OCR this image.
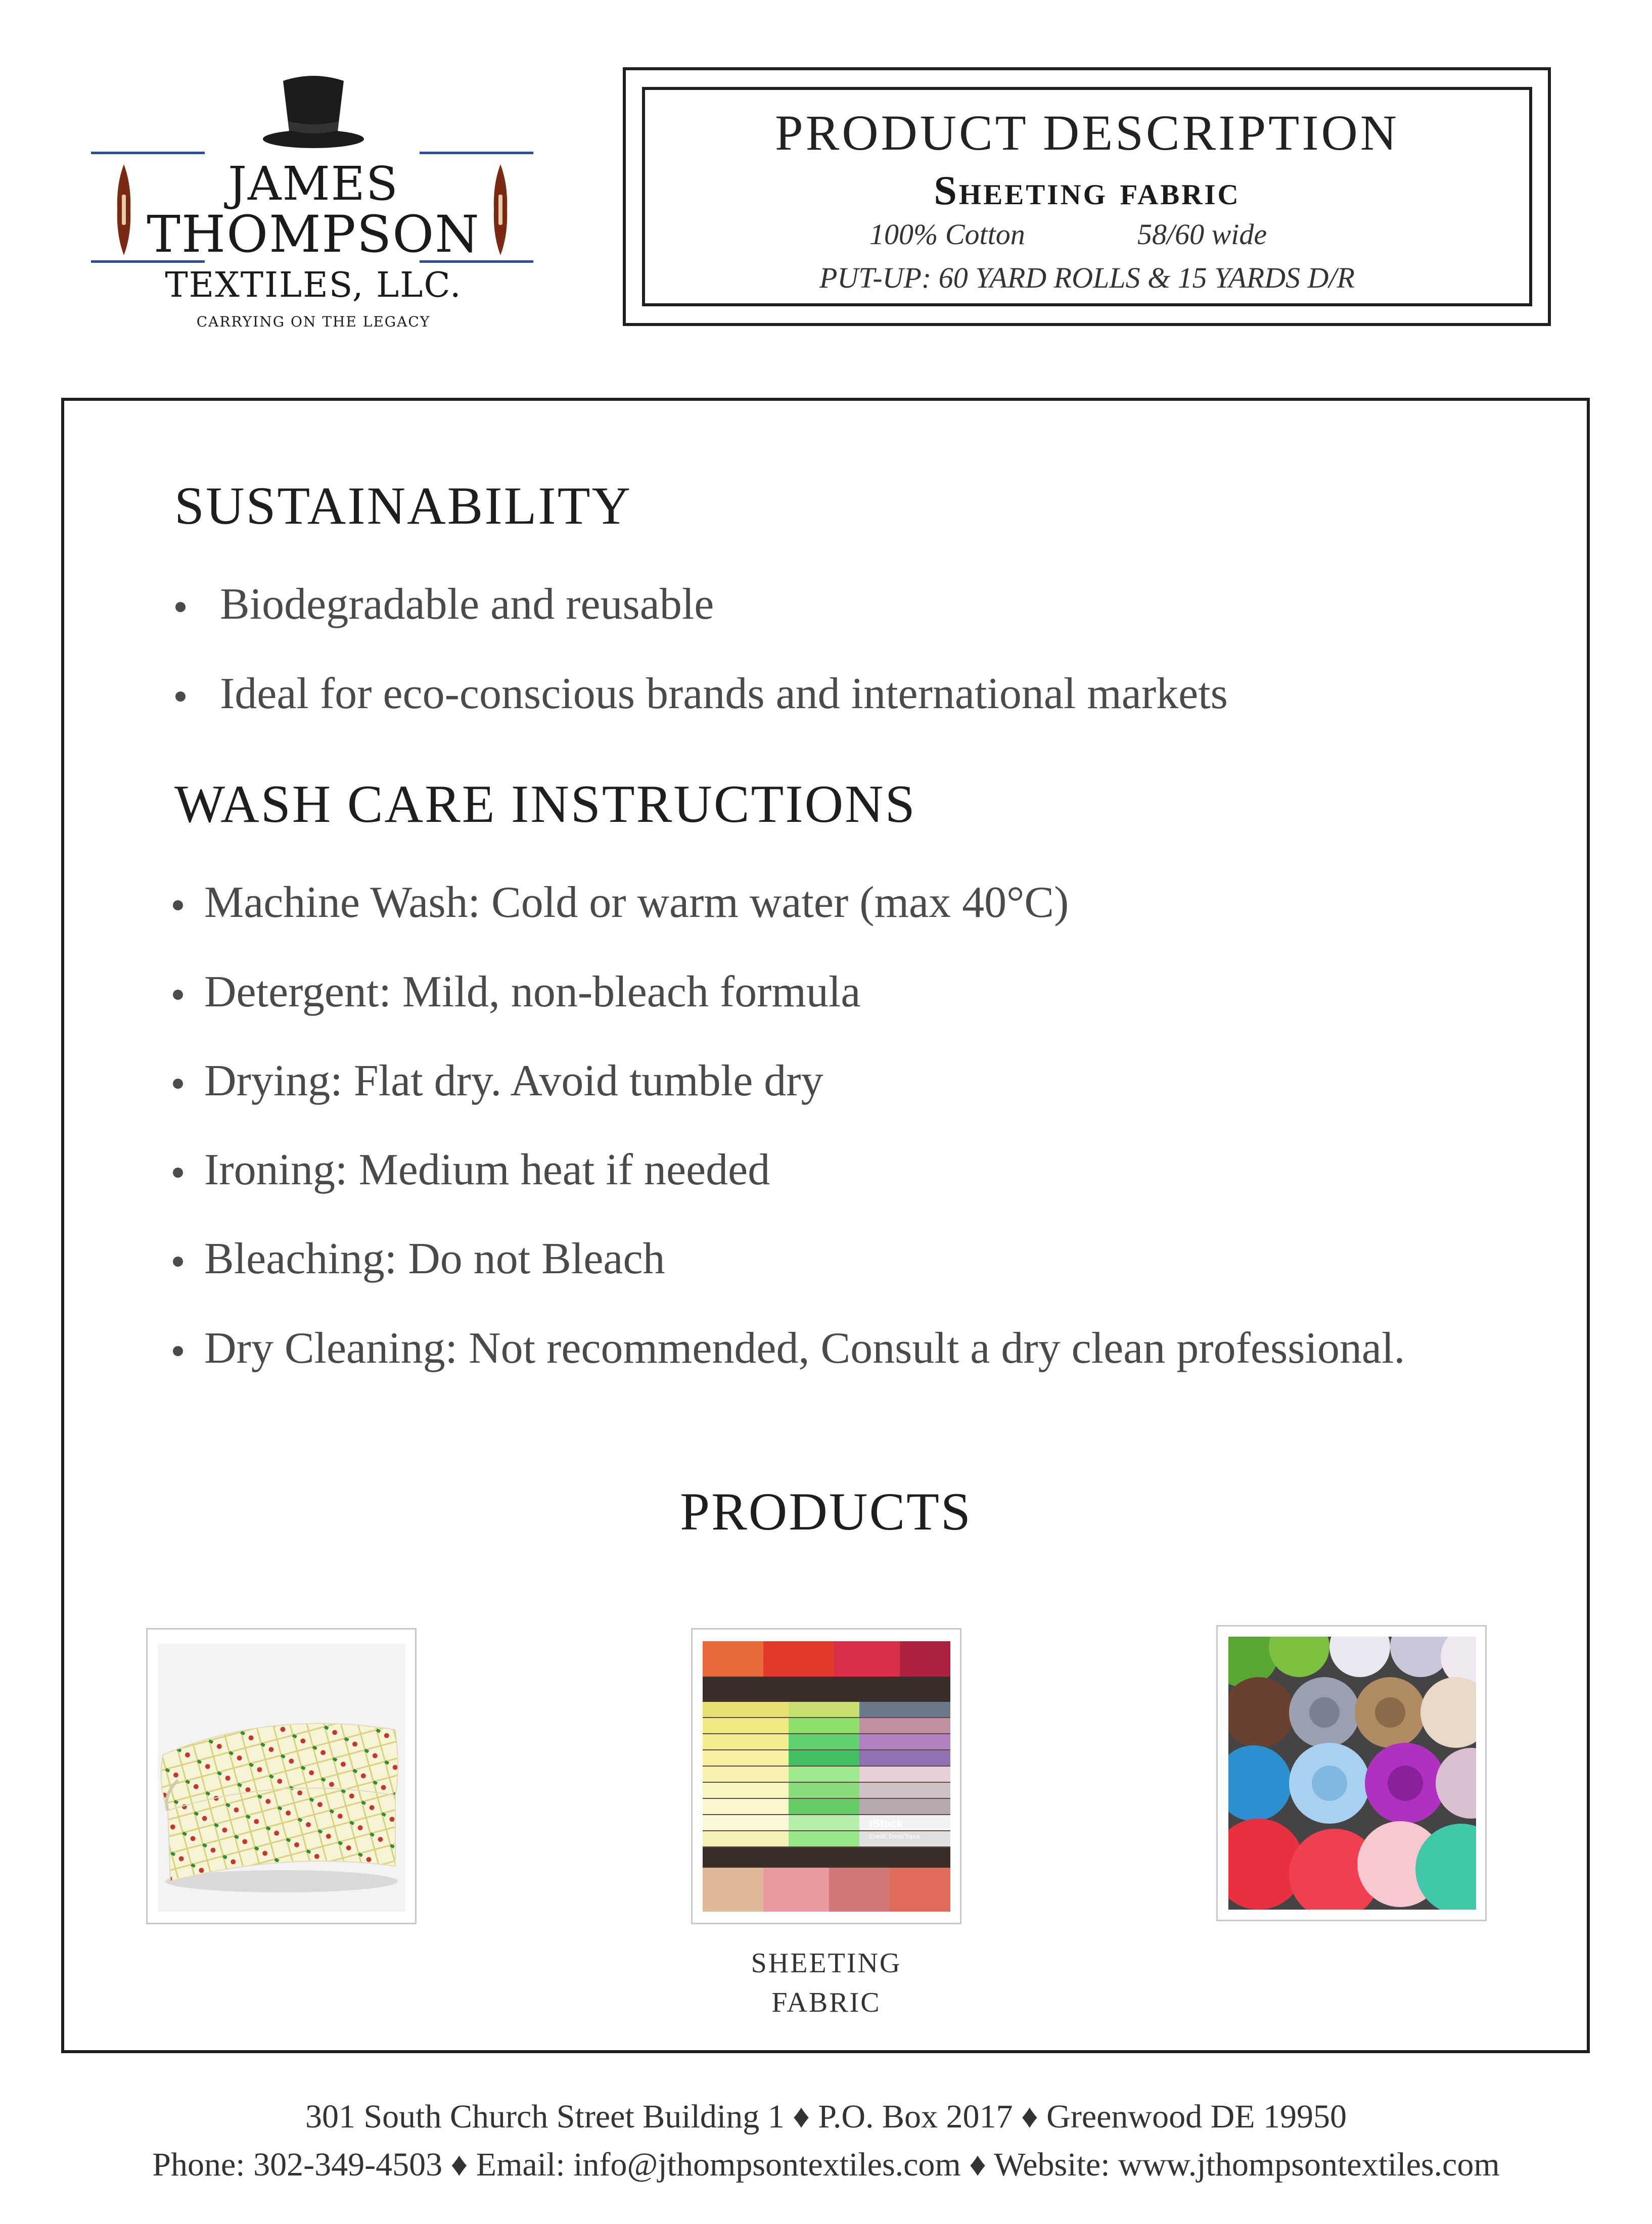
JAMES
THOMPSON
TEXTILES, LLC.
CARRYING ON THE LEGACY
PRODUCT DESCRIPTION
Sheeting fabric
100% Cotton	58/60 wide
PUT-UP: 60 YARD ROLLS & 15 YARDS D/R
SUSTAINABILITY
Biodegradable and reusable
Ideal for eco-conscious brands and international markets
WASH CARE INSTRUCTIONS
Machine Wash: Cold or warm water (max 40°C)
Detergent: Mild, non-bleach formula
Drying: Flat dry. Avoid tumble dry
Ironing: Medium heat if needed
Bleaching: Do not Bleach
Dry Cleaning: Not recommended, Consult a dry clean professional.
PRODUCTS
iStock
Credit: DenizTopra
SHEETING
FABRIC
301 South Church Street Building 1 ♦ P.O. Box 2017 ♦ Greenwood DE 19950
Phone: 302-349-4503 ♦ Email: info@jthompsontextiles.com ♦ Website: www.jthompsontextiles.com
